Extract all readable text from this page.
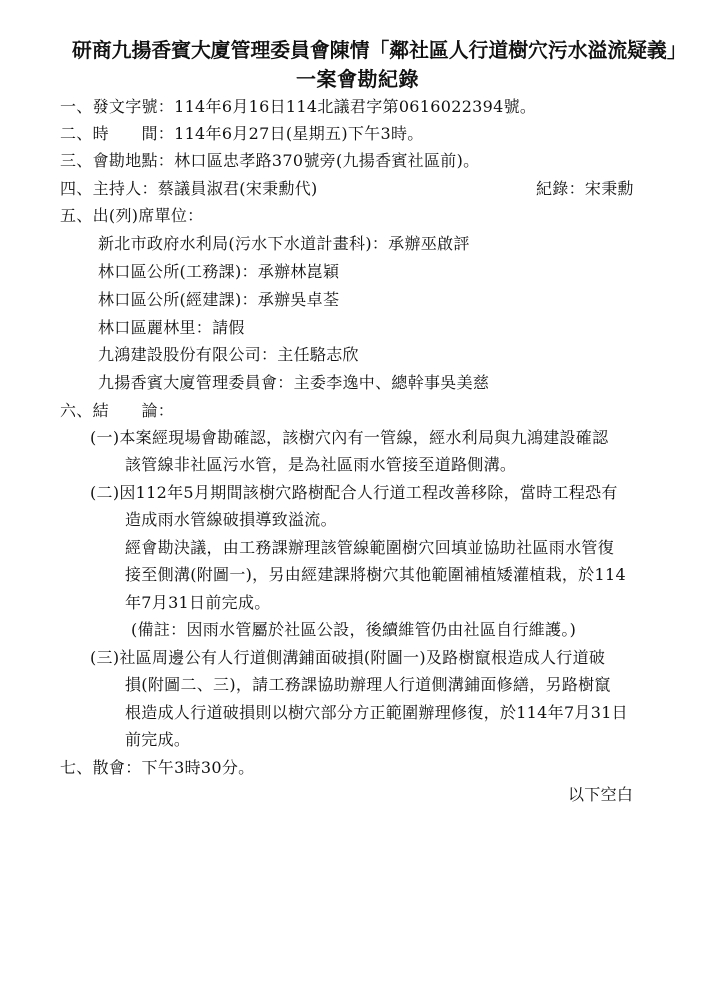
研商九揚香賓大廈管理委員會陳情「鄰社區人行道樹穴污水溢流疑義」
一案會勘紀錄
一、發文字號：114年6月16日114北議君字第0616022394號。
二、時　　間：114年6月27日(星期五)下午3時。
三、會勘地點：林口區忠孝路370號旁(九揚香賓社區前)。
四、主持人：蔡議員淑君(宋秉勳代)	紀錄：宋秉勳
五、出(列)席單位：
新北市政府水利局(污水下水道計畫科)：承辦巫啟評
林口區公所(工務課)：承辦林崑穎
林口區公所(經建課)：承辦吳卓荃
林口區麗林里：請假
九鴻建設股份有限公司：主任駱志欣
九揚香賓大廈管理委員會：主委李逸中、總幹事吳美慈
六、結　　論：
(一)本案經現場會勘確認，該樹穴內有一管線，經水利局與九鴻建設確認
該管線非社區污水管，是為社區雨水管接至道路側溝。
(二)因112年5月期間該樹穴路樹配合人行道工程改善移除，當時工程恐有
造成雨水管線破損導致溢流。
經會勘決議，由工務課辦理該管線範圍樹穴回填並協助社區雨水管復
接至側溝(附圖一)，另由經建課將樹穴其他範圍補植矮灌植栽，於114
年7月31日前完成。
(備註：因雨水管屬於社區公設，後續維管仍由社區自行維護。)
(三)社區周邊公有人行道側溝鋪面破損(附圖一)及路樹竄根造成人行道破
損(附圖二、三)，請工務課協助辦理人行道側溝鋪面修繕，另路樹竄
根造成人行道破損則以樹穴部分方正範圍辦理修復，於114年7月31日
前完成。
七、散會：下午3時30分。
以下空白
